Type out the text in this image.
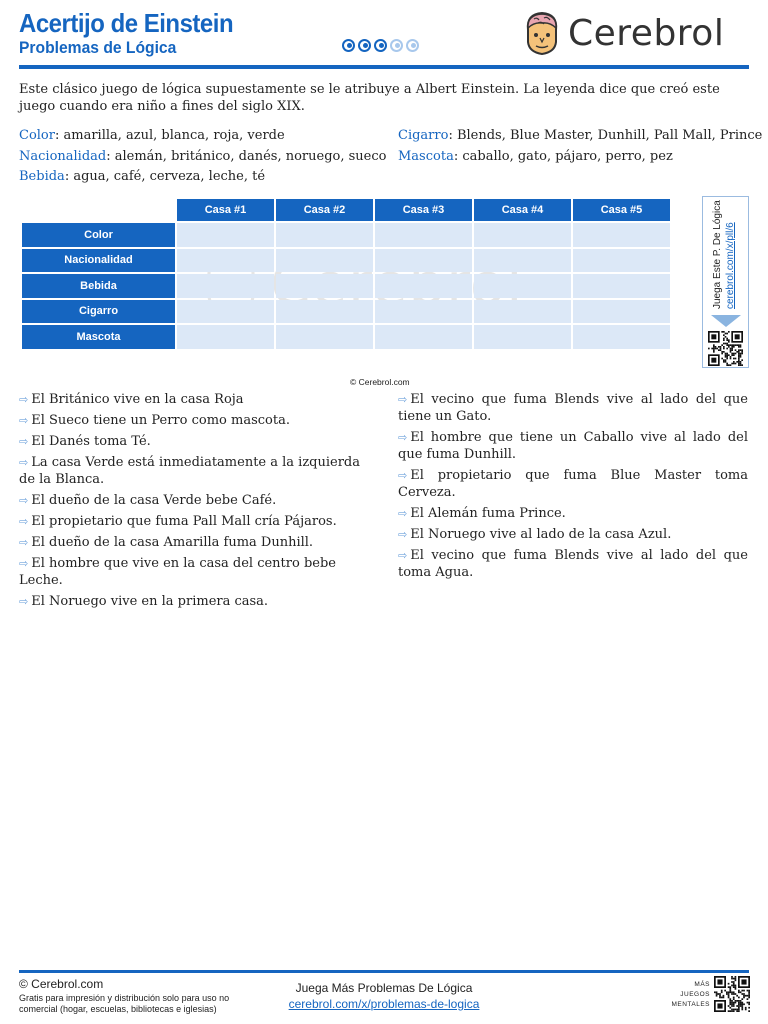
Acertijo de Einstein
Problemas de Lógica	Cerebrol
Este clásico juego de lógica supuestamente se le atribuye a Albert Einstein. La leyenda dice que creó este juego cuando era niño a fines del siglo XIX.
Color: amarilla, azul, blanca, roja, verde
Nacionalidad: alemán, británico, danés, noruego, sueco
Bebida: agua, café, cerveza, leche, té
Cigarro: Blends, Blue Master, Dunhill, Pall Mall, Prince
Mascota: caballo, gato, pájaro, perro, pez
	Casa #1	Casa #2	Casa #3	Casa #4	Casa #5
Color					
Nacionalidad					
Bebida					
Cigarro					
Mascota					
Juega Este P. De Lógica cerebrol.com/x/pll/6
© Cerebrol.com
⇨ El Británico vive en la casa Roja
⇨ El Sueco tiene un Perro como mascota.
⇨ El Danés toma Té.
⇨ La casa Verde está inmediatamente a la izquierda de la Blanca.
⇨ El dueño de la casa Verde bebe Café.
⇨ El propietario que fuma Pall Mall cría Pájaros.
⇨ El dueño de la casa Amarilla fuma Dunhill.
⇨ El hombre que vive en la casa del centro bebe Leche.
⇨ El Noruego vive en la primera casa.
⇨ El vecino que fuma Blends vive al lado del que tiene un Gato.
⇨ El hombre que tiene un Caballo vive al lado del que fuma Dunhill.
⇨ El propietario que fuma Blue Master toma Cerveza.
⇨ El Alemán fuma Prince.
⇨ El Noruego vive al lado de la casa Azul.
⇨ El vecino que fuma Blends vive al lado del que toma Agua.
© Cerebrol.com
Gratis para impresión y distribución solo para uso no comercial (hogar, escuelas, bibliotecas e iglesias)
Juega Más Problemas De Lógica
cerebrol.com/x/problemas-de-logica
MÁS
JUEGOS
MENTALES
